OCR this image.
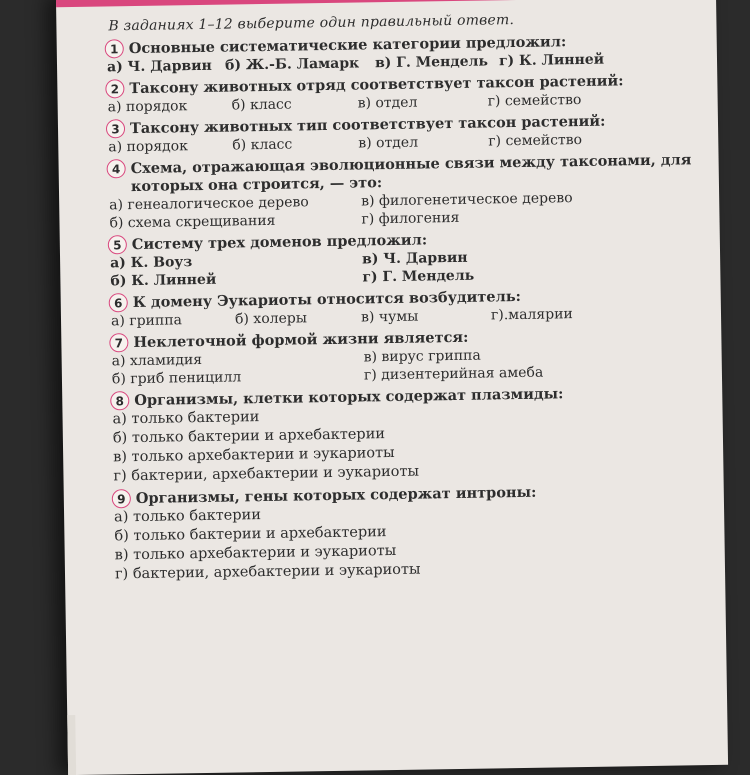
В заданиях 1–12 выберите один правильный ответ.
1 Основные систематические категории предложил:
а) Ч. Дарвин б) Ж.-Б. Ламарк	в) Г. Мендель г) К. Линней
2 Таксону животных отряд соответствует таксон растений:
а) порядок	б) класс	в) отдел	г) семейство
3 Таксону животных тип соответствует таксон растений:
а) порядок	б) класс	в) отдел	г) семейство
4 Схема, отражающая эволюционные связи между таксонами, для которых она строится, — это:
а) генеалогическое дерево	в) филогенетическое дерево
б) схема скрещивания	г) филогения
5 Систему трех доменов предложил:
а) К. Воуз	в) Ч. Дарвин
б) К. Линней	г) Г. Мендель
6 К домену Эукариоты относится возбудитель:
а) гриппа	б) холеры	в) чумы	г).малярии
7 Неклеточной формой жизни является:
а) хламидия	в) вирус гриппа
б) гриб пеницилл	г) дизентерийная амеба
8 Организмы, клетки которых содержат плазмиды:
а) только бактерии
б) только бактерии и архебактерии
в) только архебактерии и эукариоты
г) бактерии, архебактерии и эукариоты
9 Организмы, гены которых содержат интроны:
а) только бактерии
б) только бактерии и архебактерии
в) только архебактерии и эукариоты
г) бактерии, архебактерии и эукариоты
